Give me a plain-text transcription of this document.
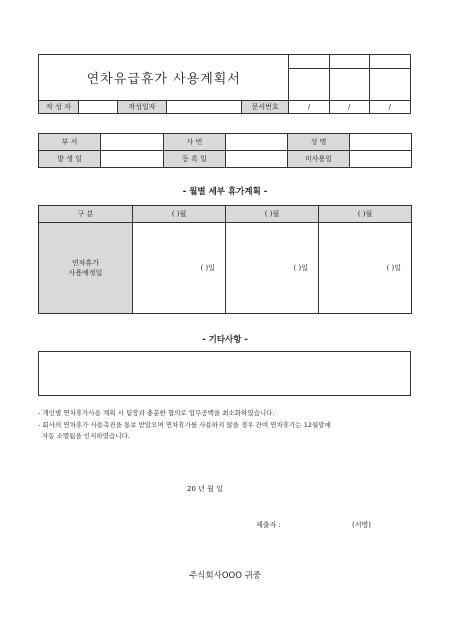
연차유급휴가 사용계획서							

작 성 자		작성일자		문서번호	/	/	/
부 서		사 번		성 명	
발 생 일		등 록 일		미사용일	
- 월별 세부 휴가계획 -
구 분	( )월	( )월	( )월

연차휴가
사용예정일	( )일	( )일	( )일
- 기타사항 -
- 개인별 연차휴가사용 계획 시 팀장과 충분한 협의로 업무공백을 최소화하였습니다.
- 회사의 연차휴가 사용촉진을 통보 받았으며 연차휴가를 사용하지 않을 경우 잔여 연차휴가는 12월말에
자동 소멸됨을 인지하였습니다.
20 년 월 일
제출자 :	(서명)
주식회사OOO 귀중
